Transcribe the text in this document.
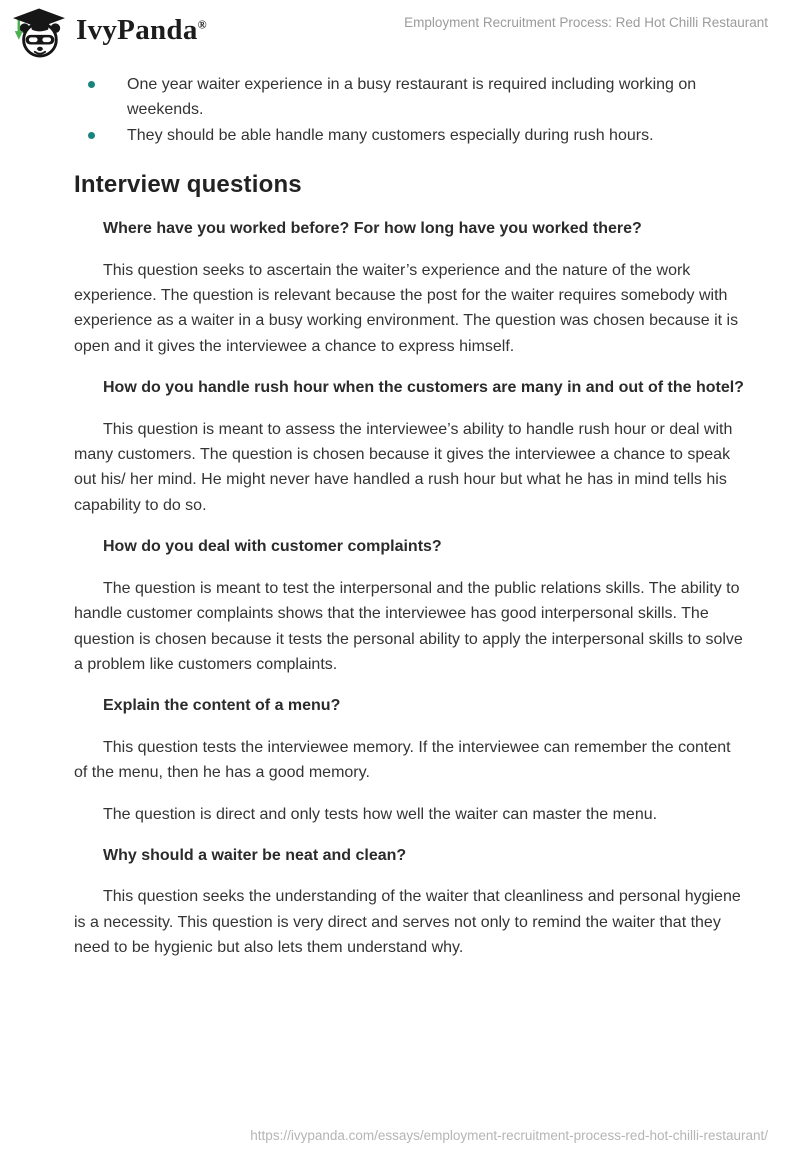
IvyPanda®	Employment Recruitment Process: Red Hot Chilli Restaurant
One year waiter experience in a busy restaurant is required including working on weekends.
They should be able handle many customers especially during rush hours.
Interview questions

Where have you worked before? For how long have you worked there?

This question seeks to ascertain the waiter’s experience and the nature of the work experience. The question is relevant because the post for the waiter requires somebody with experience as a waiter in a busy working environment. The question was chosen because it is open and it gives the interviewee a chance to express himself.

How do you handle rush hour when the customers are many in and out of the hotel?

This question is meant to assess the interviewee’s ability to handle rush hour or deal with many customers. The question is chosen because it gives the interviewee a chance to speak out his/ her mind. He might never have handled a rush hour but what he has in mind tells his capability to do so.

How do you deal with customer complaints?

The question is meant to test the interpersonal and the public relations skills. The ability to handle customer complaints shows that the interviewee has good interpersonal skills. The question is chosen because it tests the personal ability to apply the interpersonal skills to solve a problem like customers complaints.

Explain the content of a menu?

This question tests the interviewee memory. If the interviewee can remember the content of the menu, then he has a good memory.

The question is direct and only tests how well the waiter can master the menu.

Why should a waiter be neat and clean?

This question seeks the understanding of the waiter that cleanliness and personal hygiene is a necessity. This question is very direct and serves not only to remind the waiter that they need to be hygienic but also lets them understand why.

https://ivypanda.com/essays/employment-recruitment-process-red-hot-chilli-restaurant/
